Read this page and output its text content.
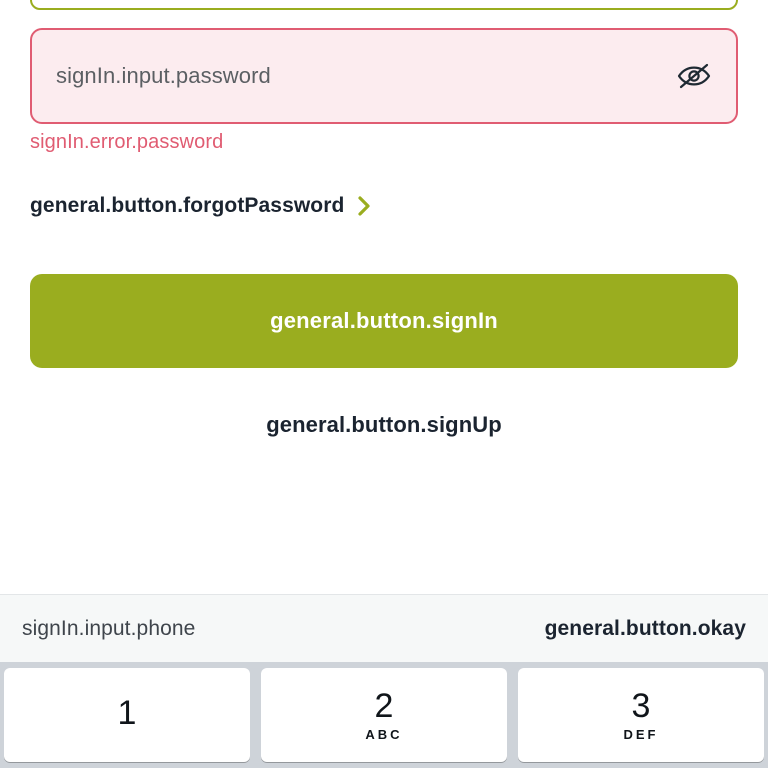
signIn.input.password
signIn.error.password
general.button.forgotPassword
general.button.signIn
general.button.signUp
signIn.input.phone	general.button.okay
1	2
ABC
3
DEF
